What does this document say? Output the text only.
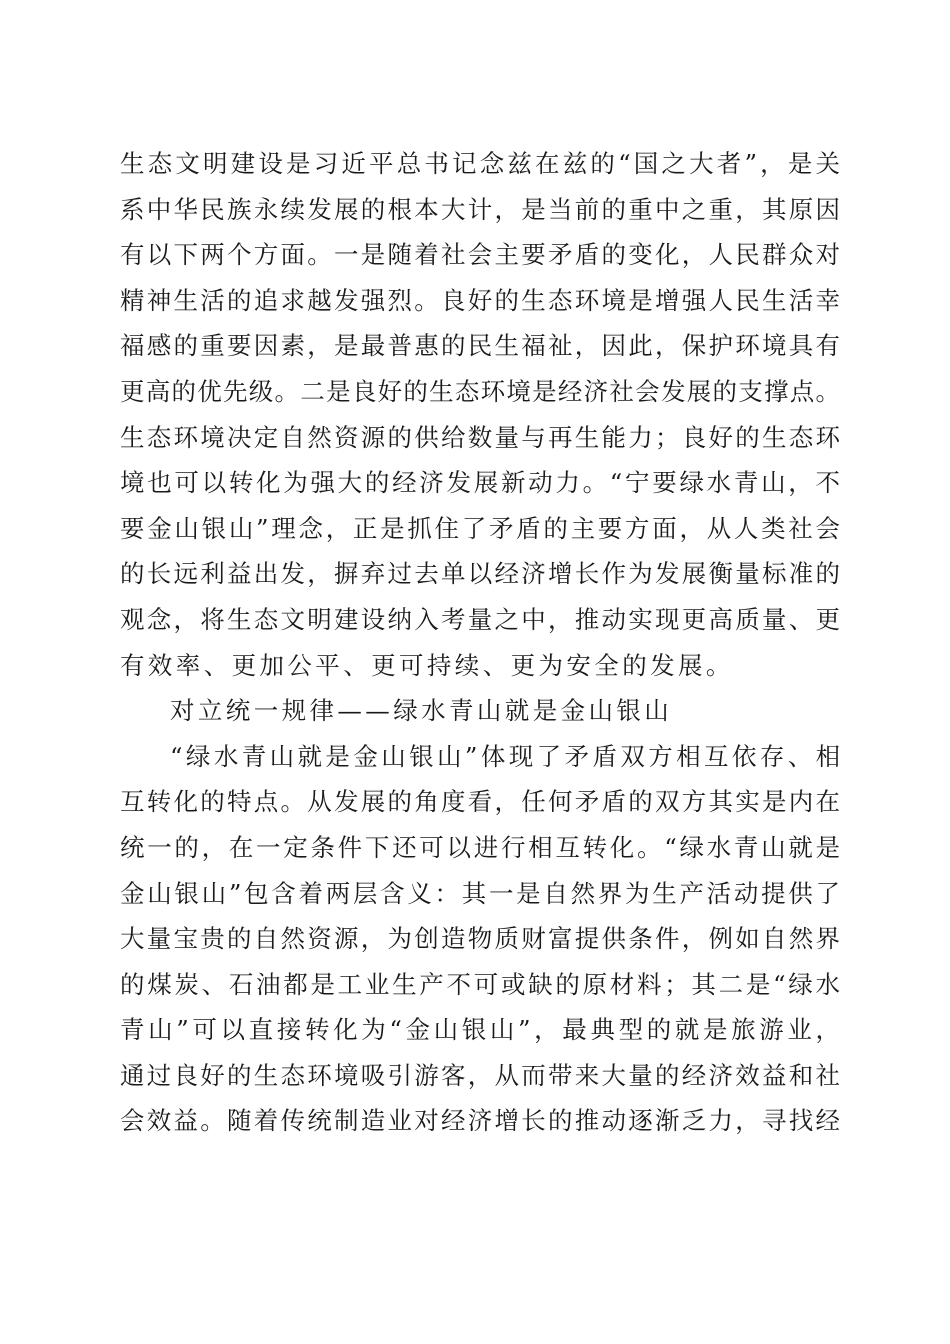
生态文明建设是习近平总书记念兹在兹的“国之大者”，是关
系中华民族永续发展的根本大计，是当前的重中之重，其原因
有以下两个方面。一是随着社会主要矛盾的变化，人民群众对
精神生活的追求越发强烈。良好的生态环境是增强人民生活幸
福感的重要因素，是最普惠的民生福祉，因此，保护环境具有
更高的优先级。二是良好的生态环境是经济社会发展的支撑点。
生态环境决定自然资源的供给数量与再生能力；良好的生态环
境也可以转化为强大的经济发展新动力。“宁要绿水青山，不
要金山银山”理念，正是抓住了矛盾的主要方面，从人类社会
的长远利益出发，摒弃过去单以经济增长作为发展衡量标准的
观念，将生态文明建设纳入考量之中，推动实现更高质量、更
有效率、更加公平、更可持续、更为安全的发展。
对立统一规律——绿水青山就是金山银山
“绿水青山就是金山银山”体现了矛盾双方相互依存、相
互转化的特点。从发展的角度看，任何矛盾的双方其实是内在
统一的，在一定条件下还可以进行相互转化。“绿水青山就是
金山银山”包含着两层含义：其一是自然界为生产活动提供了
大量宝贵的自然资源，为创造物质财富提供条件，例如自然界
的煤炭、石油都是工业生产不可或缺的原材料；其二是“绿水
青山”可以直接转化为“金山银山”，最典型的就是旅游业，
通过良好的生态环境吸引游客，从而带来大量的经济效益和社
会效益。随着传统制造业对经济增长的推动逐渐乏力，寻找经
